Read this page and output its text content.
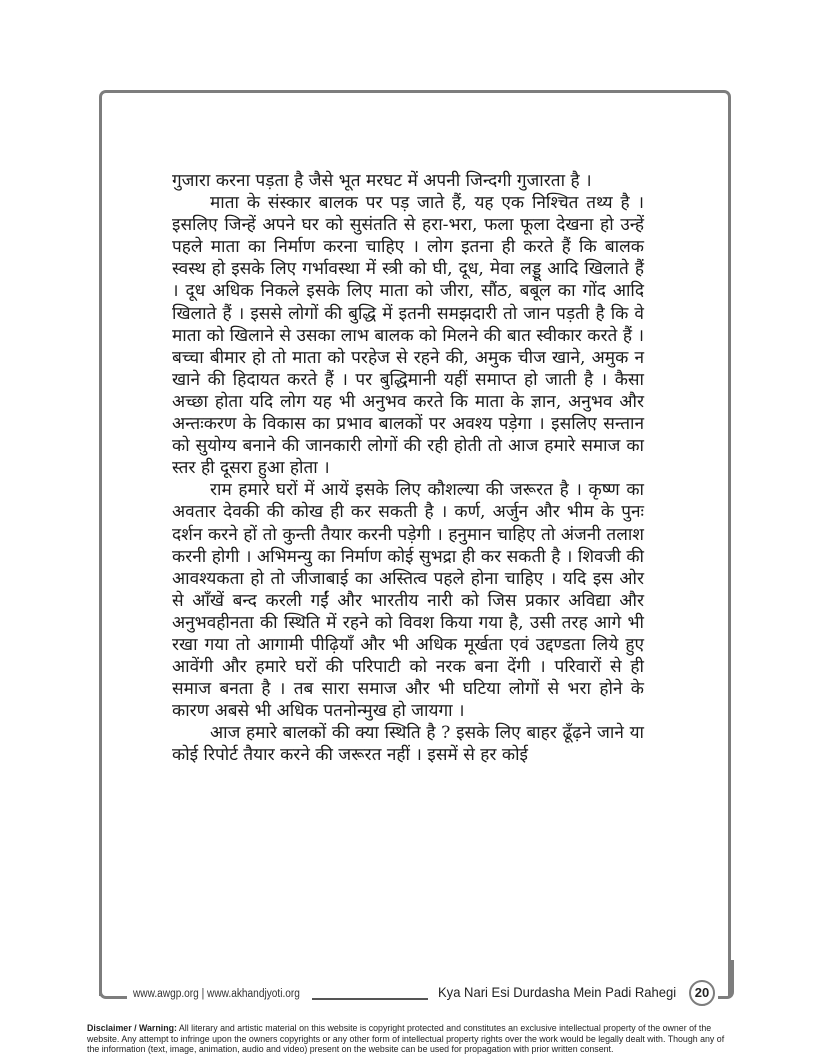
गुजारा करना पड़ता है जैसे भूत मरघट में अपनी जिन्दगी गुजारता है ।

माता के संस्कार बालक पर पड़ जाते हैं, यह एक निश्चित तथ्य है । इसलिए जिन्हें अपने घर को सुसंतति से हरा-भरा, फला फूला देखना हो उन्हें पहले माता का निर्माण करना चाहिए । लोग इतना ही करते हैं कि बालक स्वस्थ हो इसके लिए गर्भावस्था में स्त्री को घी, दूध, मेवा लड्डू आदि खिलाते हैं । दूध अधिक निकले इसके लिए माता को जीरा, सौंठ, बबूल का गोंद आदि खिलाते हैं । इससे लोगों की बुद्धि में इतनी समझदारी तो जान पड़ती है कि वे माता को खिलाने से उसका लाभ बालक को मिलने की बात स्वीकार करते हैं । बच्चा बीमार हो तो माता को परहेज से रहने की, अमुक चीज खाने, अमुक न खाने की हिदायत करते हैं । पर बुद्धिमानी यहीं समाप्त हो जाती है । कैसा अच्छा होता यदि लोग यह भी अनुभव करते कि माता के ज्ञान, अनुभव और अन्तःकरण के विकास का प्रभाव बालकों पर अवश्य पड़ेगा । इसलिए सन्तान को सुयोग्य बनाने की जानकारी लोगों की रही होती तो आज हमारे समाज का स्तर ही दूसरा हुआ होता ।

राम हमारे घरों में आयें इसके लिए कौशल्या की जरूरत है । कृष्ण का अवतार देवकी की कोख ही कर सकती है । कर्ण, अर्जुन और भीम के पुनः दर्शन करने हों तो कुन्ती तैयार करनी पड़ेगी । हनुमान चाहिए तो अंजनी तलाश करनी होगी । अभिमन्यु का निर्माण कोई सुभद्रा ही कर सकती है । शिवजी की आवश्यकता हो तो जीजाबाई का अस्तित्व पहले होना चाहिए । यदि इस ओर से आँखें बन्द करली गईं और भारतीय नारी को जिस प्रकार अविद्या और अनुभवहीनता की स्थिति में रहने को विवश किया गया है, उसी तरह आगे भी रखा गया तो आगामी पीढ़ियाँ और भी अधिक मूर्खता एवं उद्दण्डता लिये हुए आवेंगी और हमारे घरों की परिपाटी को नरक बना देंगी । परिवारों से ही समाज बनता है । तब सारा समाज और भी घटिया लोगों से भरा होने के कारण अबसे भी अधिक पतनोन्मुख हो जायगा ।

आज हमारे बालकों की क्या स्थिति है ? इसके लिए बाहर ढूँढ़ने जाने या कोई रिपोर्ट तैयार करने की जरूरत नहीं । इसमें से हर कोई

www.awgp.org | www.akhandjyoti.org	Kya Nari Esi Durdasha Mein Padi Rahegi	20
Disclaimer / Warning: All literary and artistic material on this website is copyright protected and constitutes an exclusive intellectual property of the owner of the website. Any attempt to infringe upon the owners copyrights or any other form of intellectual property rights over the work would be legally dealt with. Though any of the information (text, image, animation, audio and video) present on the website can be used for propagation with prior written consent.
